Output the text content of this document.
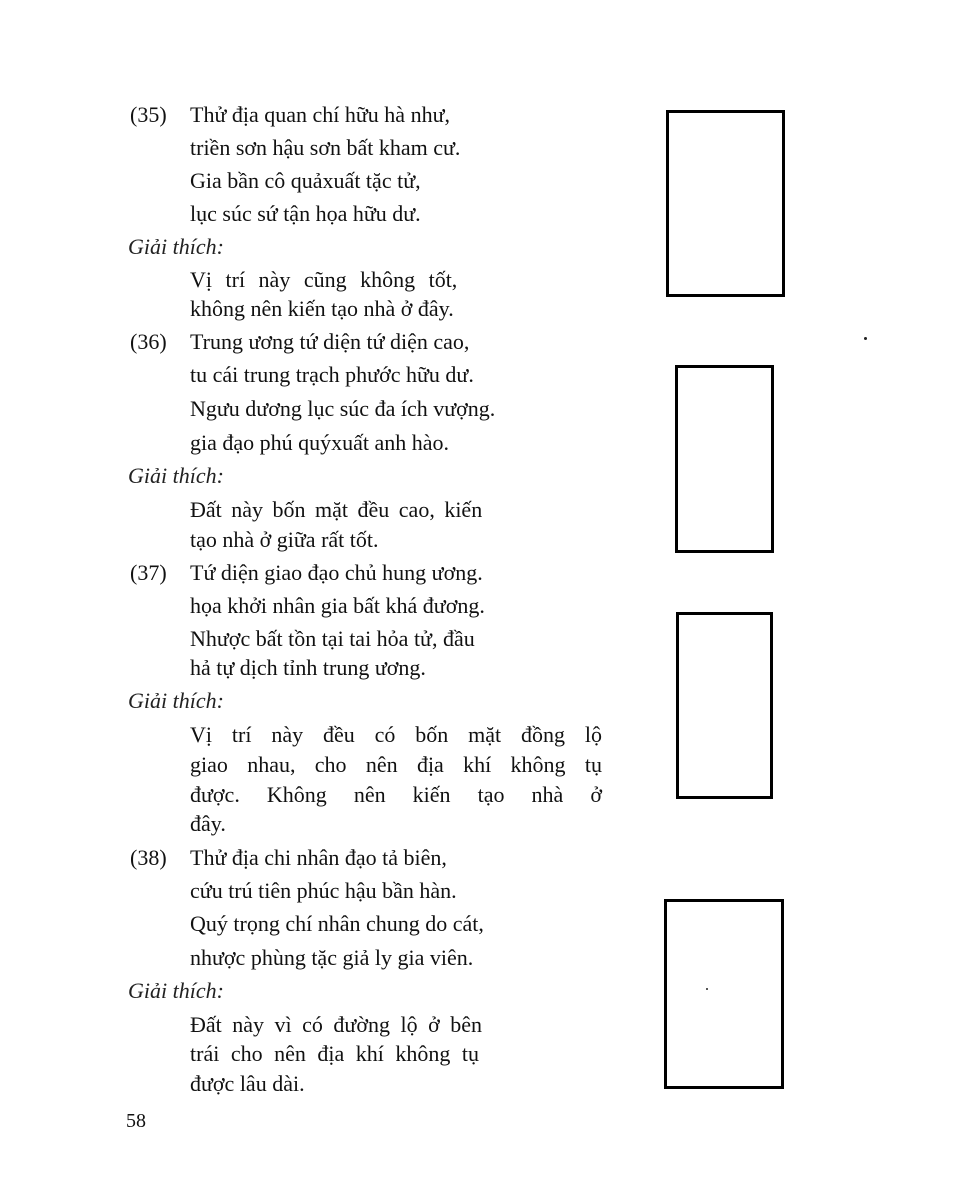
(35) Thử địa quan chí hữu hà như,
triền sơn hậu sơn bất kham cư.
Gia bần cô quảxuất tặc tử,
lục súc sứ tận họa hữu dư.
Giải thích:
Vị trí này cũng không tốt,
không nên kiến tạo nhà ở đây.
(36) Trung ương tứ diện tứ diện cao,
tu cái trung trạch phước hữu dư.
Ngưu dương lục súc đa ích vượng.
gia đạo phú quýxuất anh hào.
Giải thích:
Đất này bốn mặt đều cao, kiến
tạo nhà ở giữa rất tốt.
(37) Tứ diện giao đạo chủ hung ương.
họa khởi nhân gia bất khá đương.
Nhược bất tồn tại tai hỏa tử, đầu
hả tự dịch tỉnh trung ương.
Giải thích:
Vị trí này đều có bốn mặt đồng lộ
giao nhau, cho nên địa khí không tụ
được. Không nên kiến tạo nhà ở
đây.
(38) Thử địa chi nhân đạo tả biên,
cứu trú tiên phúc hậu bần hàn.
Quý trọng chí nhân chung do cát,
nhược phùng tặc giả ly gia viên.
Giải thích:
Đất này vì có đường lộ ở bên
trái cho nên địa khí không tụ
được lâu dài.
58
